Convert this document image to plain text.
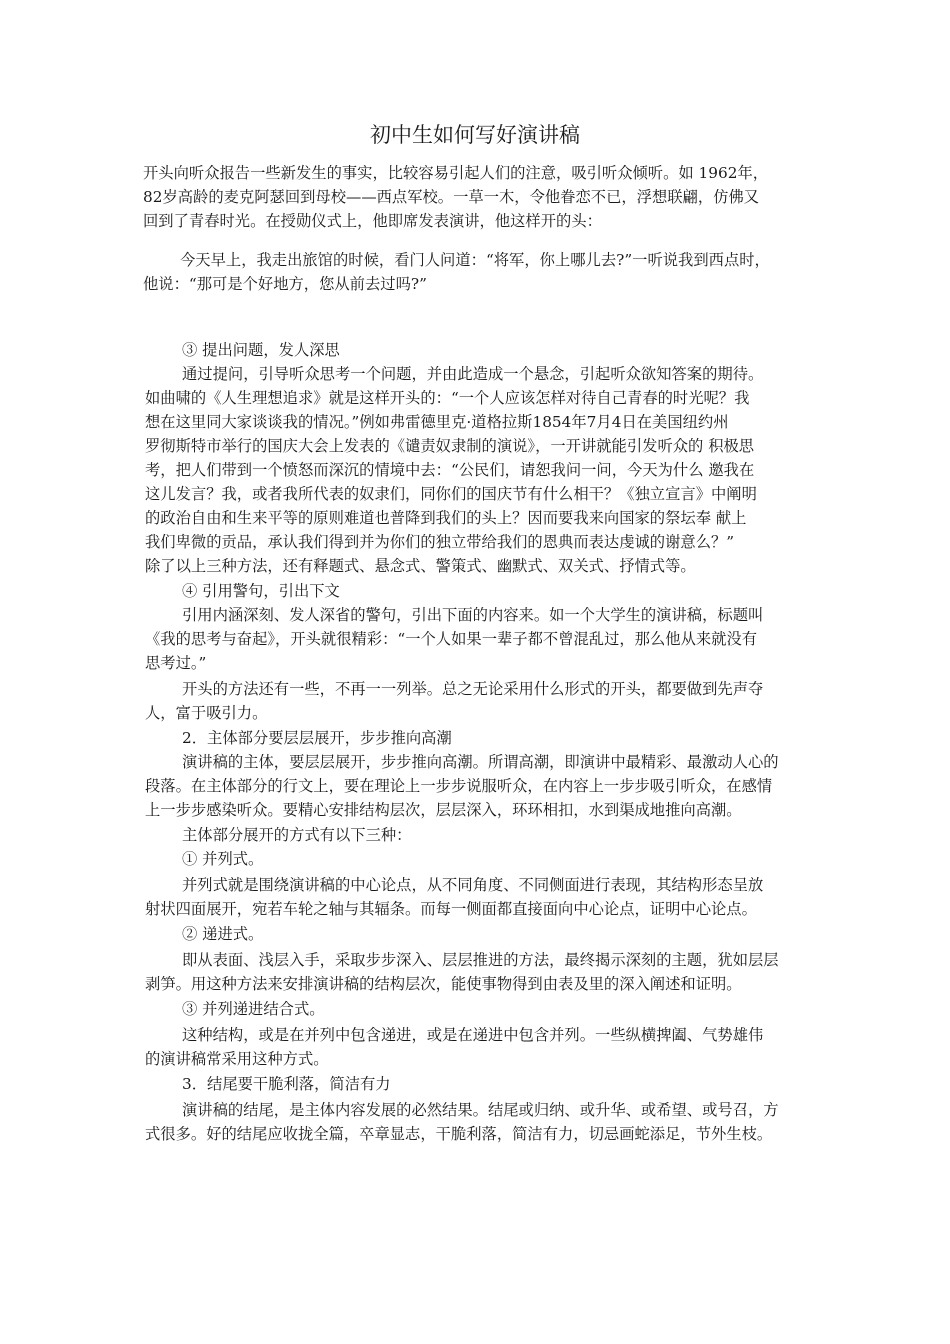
初中生如何写好演讲稿
开头向听众报告一些新发生的事实，比较容易引起人们的注意，吸引听众倾听。如 1962年，
82岁高龄的麦克阿瑟回到母校——西点军校。一草一木，令他眷恋不已，浮想联翩，仿佛又
回到了青春时光。在授勋仪式上，他即席发表演讲，他这样开的头：
今天早上，我走出旅馆的时候，看门人问道：“将军，你上哪儿去?”一听说我到西点时，
他说：“那可是个好地方，您从前去过吗?”
③ 提出问题，发人深思
通过提问，引导听众思考一个问题，并由此造成一个悬念，引起听众欲知答案的期待。
如曲啸的《人生理想追求》就是这样开头的：“一个人应该怎样对待自己青春的时光呢？我
想在这里同大家谈谈我的情况。”例如弗雷德里克·道格拉斯1854年7月4日在美国纽约州
罗彻斯特市举行的国庆大会上发表的《谴责奴隶制的演说》，一开讲就能引发听众的 积极思
考，把人们带到一个愤怒而深沉的情境中去：“公民们，请恕我问一问，今天为什么 邀我在
这儿发言？我，或者我所代表的奴隶们，同你们的国庆节有什么相干？《独立宣言》中阐明
的政治自由和生来平等的原则难道也普降到我们的头上？因而要我来向国家的祭坛奉 献上
我们卑微的贡品，承认我们得到并为你们的独立带给我们的恩典而表达虔诚的谢意么？”
除了以上三种方法，还有释题式、悬念式、警策式、幽默式、双关式、抒情式等。
④ 引用警句，引出下文
引用内涵深刻、发人深省的警句，引出下面的内容来。如一个大学生的演讲稿，标题叫
《我的思考与奋起》，开头就很精彩：“一个人如果一辈子都不曾混乱过，那么他从来就没有
思考过。”
开头的方法还有一些，不再一一列举。总之无论采用什么形式的开头，都要做到先声夺
人，富于吸引力。
2．主体部分要层层展开，步步推向高潮
演讲稿的主体，要层层展开，步步推向高潮。所谓高潮，即演讲中最精彩、最激动人心的
段落。在主体部分的行文上，要在理论上一步步说服听众，在内容上一步步吸引听众，在感情
上一步步感染听众。要精心安排结构层次，层层深入，环环相扣，水到渠成地推向高潮。
主体部分展开的方式有以下三种：
① 并列式。
并列式就是围绕演讲稿的中心论点，从不同角度、不同侧面进行表现，其结构形态呈放
射状四面展开，宛若车轮之轴与其辐条。而每一侧面都直接面向中心论点，证明中心论点。
② 递进式。
即从表面、浅层入手，采取步步深入、层层推进的方法，最终揭示深刻的主题，犹如层层
剥笋。用这种方法来安排演讲稿的结构层次，能使事物得到由表及里的深入阐述和证明。
③ 并列递进结合式。
这种结构，或是在并列中包含递进，或是在递进中包含并列。一些纵横捭阖、气势雄伟
的演讲稿常采用这种方式。
3．结尾要干脆利落，简洁有力
演讲稿的结尾，是主体内容发展的必然结果。结尾或归纳、或升华、或希望、或号召，方
式很多。好的结尾应收拢全篇，卒章显志，干脆利落，简洁有力，切忌画蛇添足，节外生枝。
